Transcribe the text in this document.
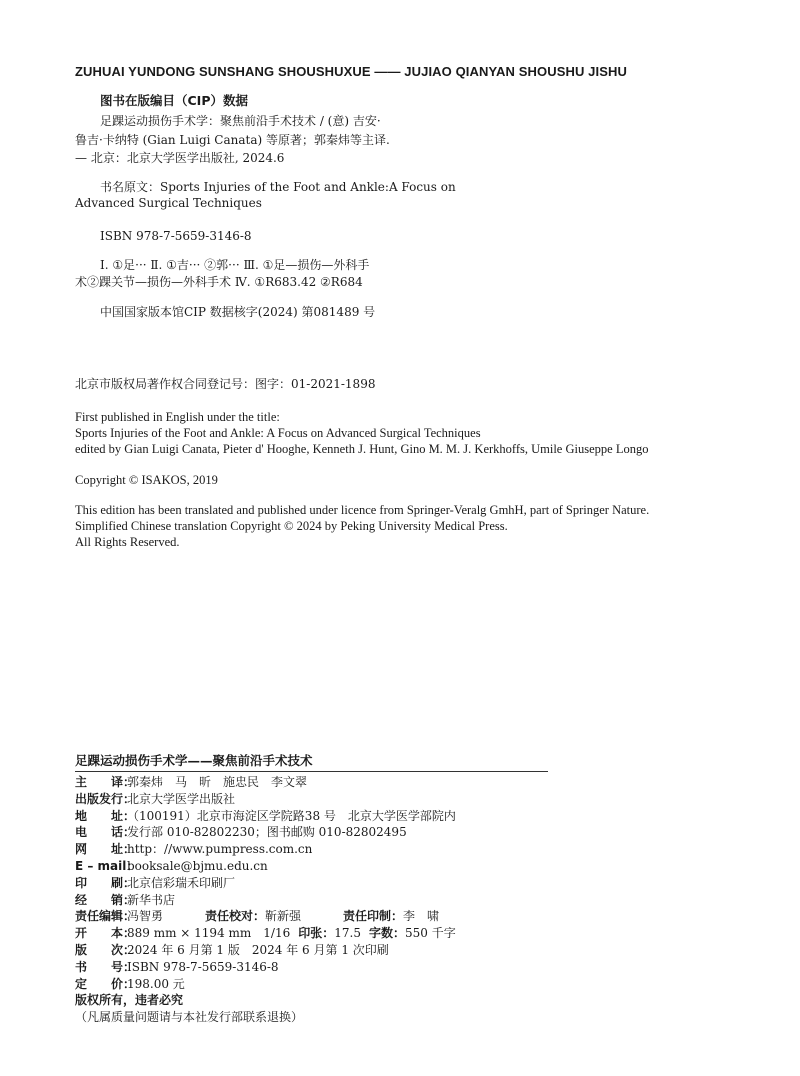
ZUHUAI YUNDONG SUNSHANG SHOUSHUXUE —— JUJIAO QIANYAN SHOUSHU JISHU
图书在版编目（CIP）数据
足踝运动损伤手术学：聚焦前沿手术技术 / (意) 吉安·
鲁吉·卡纳特 (Gian Luigi Canata) 等原著；郭秦炜等主译.
— 北京：北京大学医学出版社, 2024.6
书名原文：Sports Injuries of the Foot and Ankle:A Focus on
Advanced Surgical Techniques
ISBN 978-7-5659-3146-8
Ⅰ. ①足··· Ⅱ. ①吉··· ②郭··· Ⅲ. ①足—损伤—外科手
术②踝关节—损伤—外科手术 Ⅳ. ①R683.42 ②R684
中国国家版本馆CIP 数据核字(2024) 第081489 号
北京市版权局著作权合同登记号：图字：01-2021-1898
First published in English under the title:
Sports Injuries of the Foot and Ankle: A Focus on Advanced Surgical Techniques
edited by Gian Luigi Canata, Pieter d' Hooghe, Kenneth J. Hunt, Gino M. M. J. Kerkhoffs, Umile Giuseppe Longo
Copyright © ISAKOS, 2019
This edition has been translated and published under licence from Springer-Veralg GmhH, part of Springer Nature.
Simplified Chinese translation Copyright © 2024 by Peking University Medical Press.
All Rights Reserved.
足踝运动损伤手术学——聚焦前沿手术技术
主　　译：
郭秦炜　马　昕　施忠民　李文翠
出版发行：
北京大学医学出版社
地　　址：
（100191）北京市海淀区学院路38 号　北京大学医学部院内
电　　话：
发行部 010-82802230；图书邮购 010-82802495
网　　址：
http：//www.pumpress.com.cn
E – mail：
booksale@bjmu.edu.cn
印　　刷：
北京信彩瑞禾印刷厂
经　　销：
新华书店
责任编辑：
冯智勇	责任校对： 靳新强	责任印制： 李　啸
开　　本：
889 mm × 1194 mm　1/16 印张： 17.5 字数： 550 千字
版　　次：
2024 年 6 月第 1 版　2024 年 6 月第 1 次印刷
书　　号：
ISBN 978-7-5659-3146-8
定　　价：
198.00 元
版权所有，违者必究
（凡属质量问题请与本社发行部联系退换）
